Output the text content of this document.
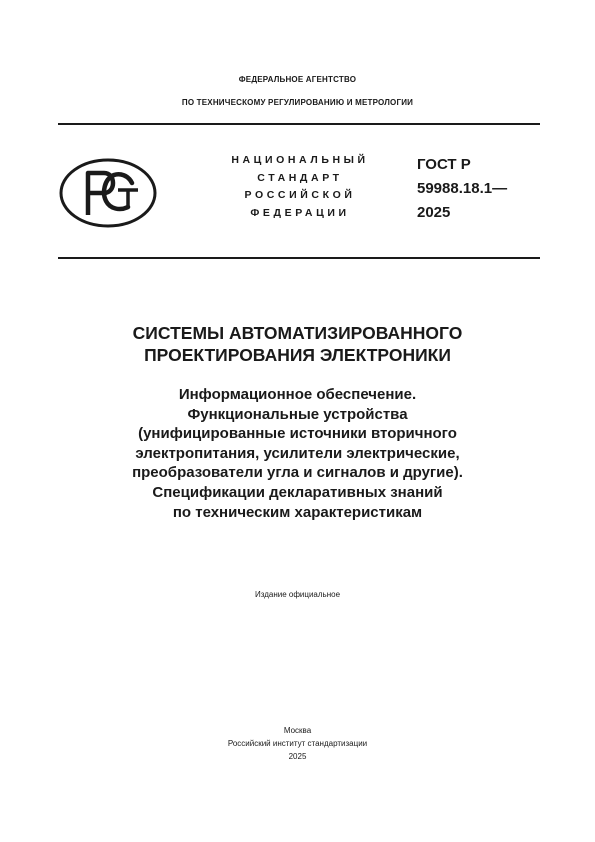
ФЕДЕРАЛЬНОЕ АГЕНТСТВО
ПО ТЕХНИЧЕСКОМУ РЕГУЛИРОВАНИЮ И МЕТРОЛОГИИ
НАЦИОНАЛЬНЫЙ
СТАНДАРТ
РОССИЙСКОЙ
ФЕДЕРАЦИИ
ГОСТ Р
59988.18.1—
2025
СИСТЕМЫ АВТОМАТИЗИРОВАННОГО
ПРОЕКТИРОВАНИЯ ЭЛЕКТРОНИКИ
Информационное обеспечение.
Функциональные устройства
(унифицированные источники вторичного
электропитания, усилители электрические,
преобразователи угла и сигналов и другие).
Спецификации декларативных знаний
по техническим характеристикам
Издание официальное
Москва
Российский институт стандартизации
2025
